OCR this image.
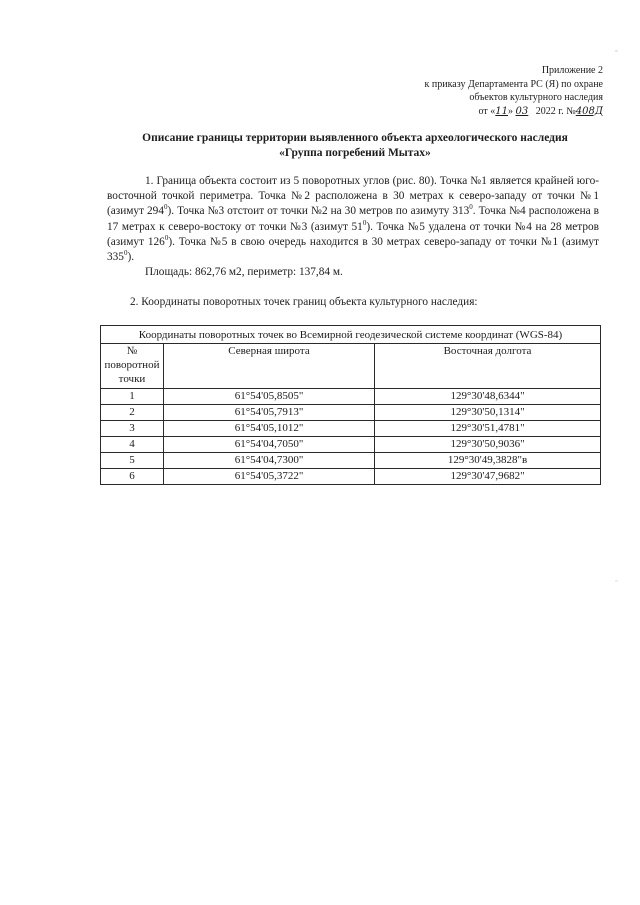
Приложение 2
к приказу Департамента РС (Я) по охране
объектов культурного наследия
от «11» 03 2022 г. №408Д
Описание границы территории выявленного объекта археологического наследия
«Группа погребений Мытах»
1. Граница объекта состоит из 5 поворотных углов (рис. 80). Точка №1 является крайней юго-восточной точкой периметра. Точка №2 расположена в 30 метрах к северо-западу от точки №1 (азимут $294^0$). Точка №3 отстоит от точки №2 на 30 метров по азимуту $313^0$. Точка №4 расположена в 17 метрах к северо-востоку от точки №3 (азимут $51^0$). Точка №5 удалена от точки №4 на 28 метров (азимут $126^0$). Точка №5 в свою очередь находится в 30 метрах северо-западу от точки №1 (азимут $335^0$).
Площадь: 862,76 м2, периметр: 137,84 м.
2. Координаты поворотных точек границ объекта культурного наследия:
Координаты поворотных точек во Всемирной геодезической системе координат (WGS-84)		
№ поворотной точки	Северная широта	Восточная долгота
1	61°54'05,8505"	129°30'48,6344"
2	61°54'05,7913"	129°30'50,1314"
3	61°54'05,1012"	129°30'51,4781"
4	61°54'04,7050"	129°30'50,9036"
5	61°54'04,7300"	129°30'49,3828"в
6	61°54'05,3722"	129°30'47,9682"
